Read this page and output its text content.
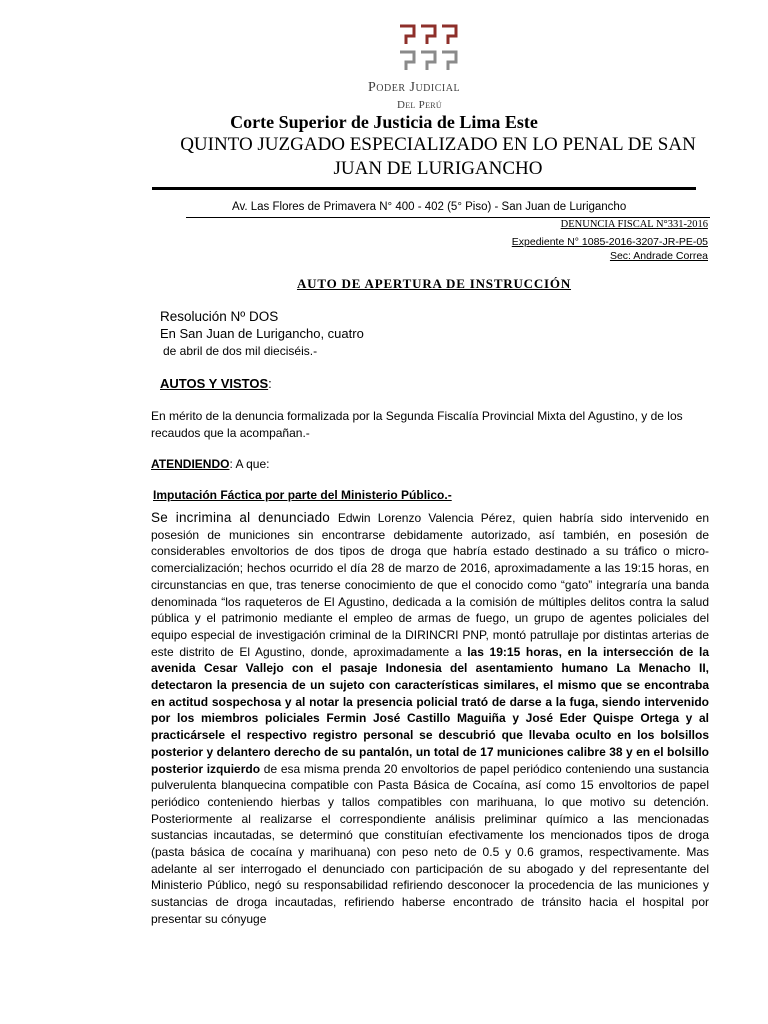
Poder Judicial
Del Perú
Corte Superior de Justicia de Lima Este
QUINTO JUZGADO ESPECIALIZADO EN LO PENAL DE SAN
JUAN DE LURIGANCHO
Av. Las Flores de Primavera N° 400 - 402 (5° Piso) - San Juan de Lurigancho
DENUNCIA FISCAL N°331-2016
Expediente N° 1085-2016-3207-JR-PE-05
Sec: Andrade Correa
AUTO DE APERTURA DE INSTRUCCIÓN
Resolución Nº DOS
En San Juan de Lurigancho, cuatro
de abril de dos mil dieciséis.-
AUTOS Y VISTOS:
En mérito de la denuncia formalizada por la Segunda Fiscalía Provincial Mixta del Agustino, y de los recaudos que la acompañan.-
ATENDIENDO: A que:
Imputación Fáctica por parte del Ministerio Público.-
Se incrimina al denunciado Edwin Lorenzo Valencia Pérez, quien habría sido intervenido en posesión de municiones sin encontrarse debidamente autorizado, así también, en posesión de considerables envoltorios de dos tipos de droga que habría estado destinado a su tráfico o micro-comercialización; hechos ocurrido el día 28 de marzo de 2016, aproximadamente a las 19:15 horas, en circunstancias en que, tras tenerse conocimiento de que el conocido como “gato” integraría una banda denominada “los raqueteros de El Agustino, dedicada a la comisión de múltiples delitos contra la salud pública y el patrimonio mediante el empleo de armas de fuego, un grupo de agentes policiales del equipo especial de investigación criminal de la DIRINCRI PNP, montó patrullaje por distintas arterias de este distrito de El Agustino, donde, aproximadamente a las 19:15 horas, en la intersección de la avenida Cesar Vallejo con el pasaje Indonesia del asentamiento humano La Menacho II, detectaron la presencia de un sujeto con características similares, el mismo que se encontraba en actitud sospechosa y al notar la presencia policial trató de darse a la fuga, siendo intervenido por los miembros policiales Fermin José Castillo Maguiña y José Eder Quispe Ortega y al practicársele el respectivo registro personal se descubrió que llevaba oculto en los bolsillos posterior y delantero derecho de su pantalón, un total de 17 municiones calibre 38 y en el bolsillo posterior izquierdo de esa misma prenda 20 envoltorios de papel periódico conteniendo una sustancia pulverulenta blanquecina compatible con Pasta Básica de Cocaína, así como 15 envoltorios de papel periódico conteniendo hierbas y tallos compatibles con marihuana, lo que motivo su detención. Posteriormente al realizarse el correspondiente análisis preliminar químico a las mencionadas sustancias incautadas, se determinó que constituían efectivamente los mencionados tipos de droga (pasta básica de cocaína y marihuana) con peso neto de 0.5 y 0.6 gramos, respectivamente. Mas adelante al ser interrogado el denunciado con participación de su abogado y del representante del Ministerio Público, negó su responsabilidad refiriendo desconocer la procedencia de las municiones y sustancias de droga incautadas, refiriendo haberse encontrado de tránsito hacia el hospital por presentar su cónyuge
